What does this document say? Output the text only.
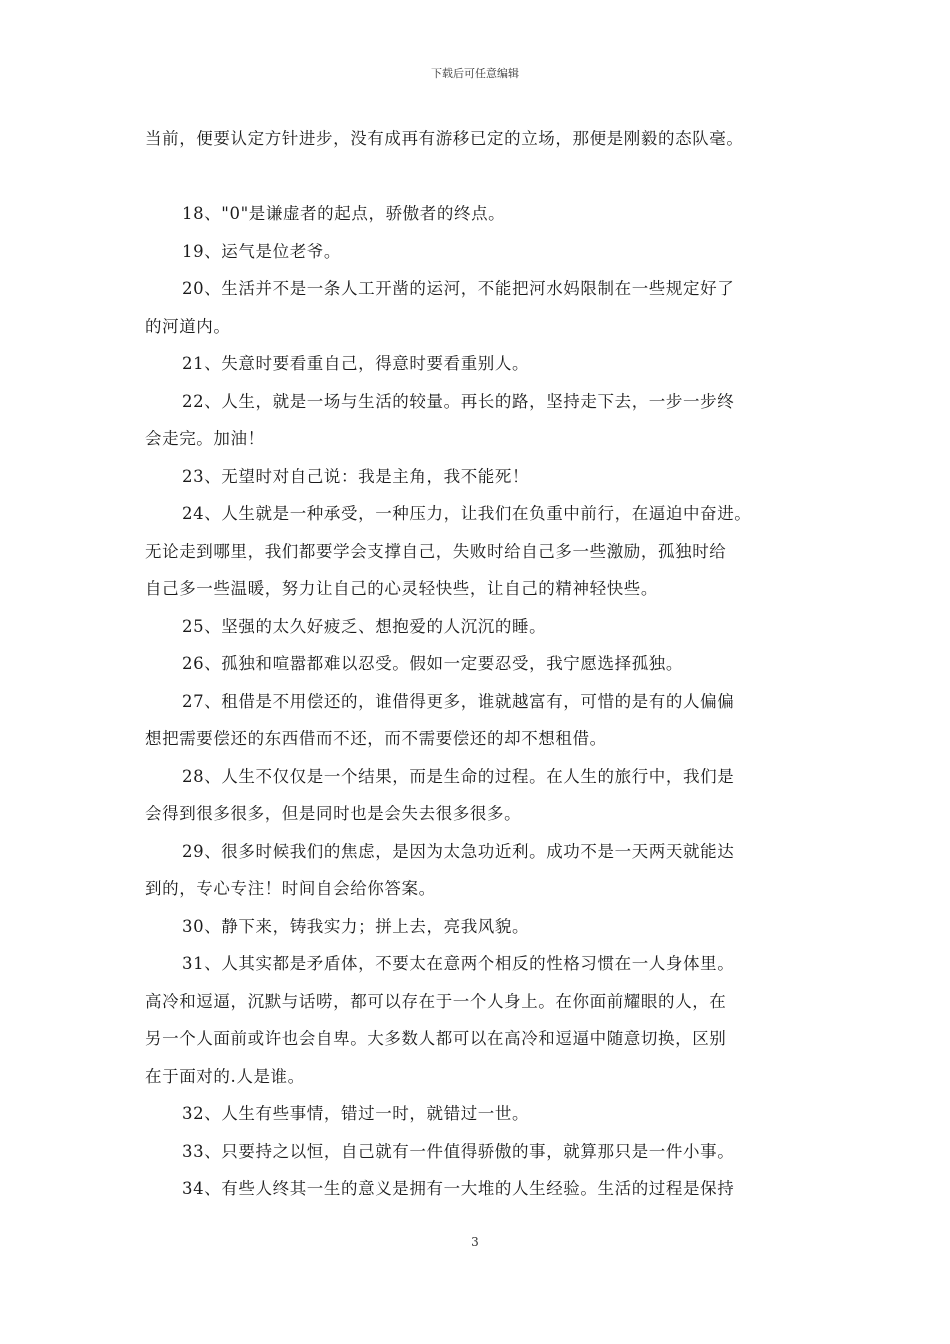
下载后可任意编辑

当前，便要认定方针进步，没有成再有游移已定的立场，那便是刚毅的态队毫。

18、"0"是谦虚者的起点，骄傲者的终点。

19、运气是位老爷。

20、生活并不是一条人工开凿的运河，不能把河水妈限制在一些规定好了
的河道内。

21、失意时要看重自己，得意时要看重别人。

22、人生，就是一场与生活的较量。再长的路，坚持走下去，一步一步终
会走完。加油！

23、无望时对自己说：我是主角，我不能死！

24、人生就是一种承受，一种压力，让我们在负重中前行，在逼迫中奋进。
无论走到哪里，我们都要学会支撑自己，失败时给自己多一些激励，孤独时给
自己多一些温暖，努力让自己的心灵轻快些，让自己的精神轻快些。

25、坚强的太久好疲乏、想抱爱的人沉沉的睡。

26、孤独和喧嚣都难以忍受。假如一定要忍受，我宁愿选择孤独。

27、租借是不用偿还的，谁借得更多，谁就越富有，可惜的是有的人偏偏
想把需要偿还的东西借而不还，而不需要偿还的却不想租借。

28、人生不仅仅是一个结果，而是生命的过程。在人生的旅行中，我们是
会得到很多很多，但是同时也是会失去很多很多。

29、很多时候我们的焦虑，是因为太急功近利。成功不是一天两天就能达
到的，专心专注！时间自会给你答案。

30、静下来，铸我实力；拼上去，亮我风貌。

31、人其实都是矛盾体，不要太在意两个相反的性格习惯在一人身体里。
高冷和逗逼，沉默与话唠，都可以存在于一个人身上。在你面前耀眼的人，在
另一个人面前或许也会自卑。大多数人都可以在高冷和逗逼中随意切换，区别
在于面对的.人是谁。

32、人生有些事情，错过一时，就错过一世。

33、只要持之以恒，自己就有一件值得骄傲的事，就算那只是一件小事。

34、有些人终其一生的意义是拥有一大堆的人生经验。生活的过程是保持

3
